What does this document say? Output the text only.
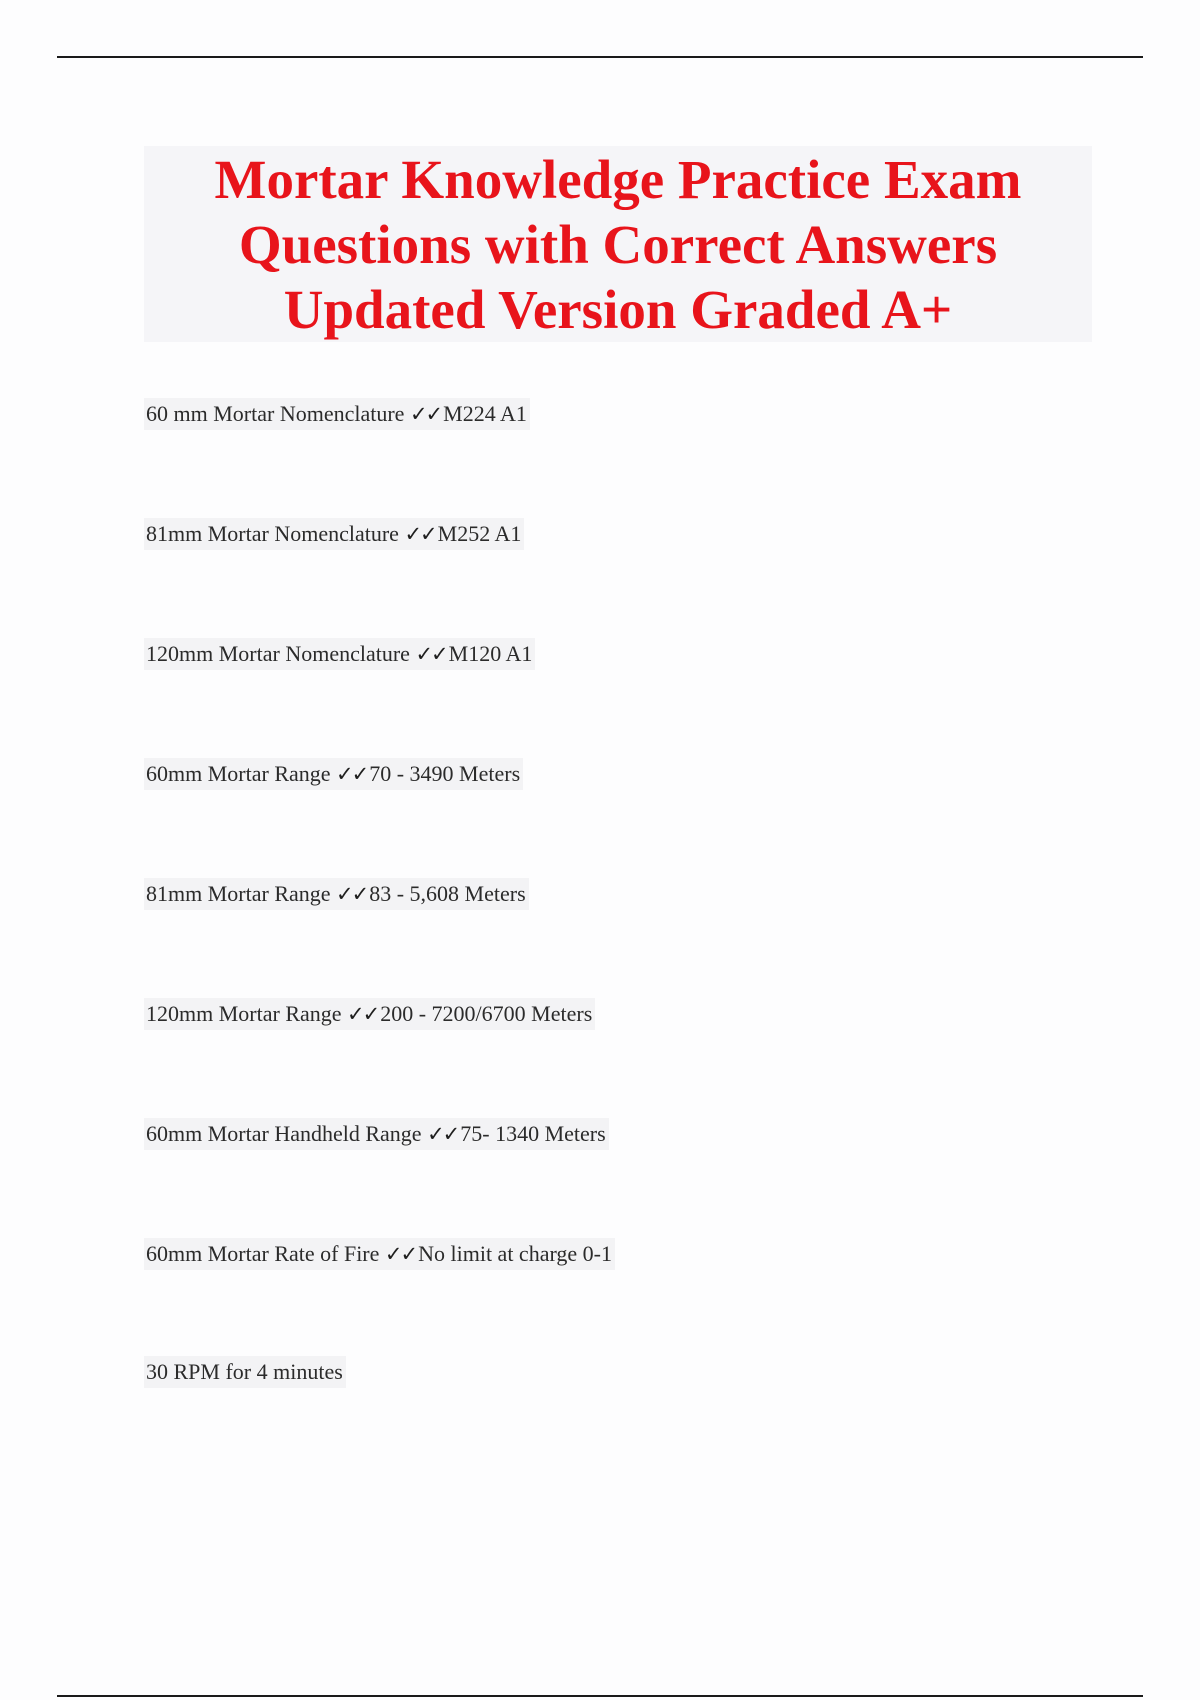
Mortar Knowledge Practice Exam
Questions with Correct Answers
Updated Version Graded A+
60 mm Mortar Nomenclature ✓✓M224 A1
81mm Mortar Nomenclature ✓✓M252 A1
120mm Mortar Nomenclature ✓✓M120 A1
60mm Mortar Range ✓✓70 - 3490 Meters
81mm Mortar Range ✓✓83 - 5,608 Meters
120mm Mortar Range ✓✓200 - 7200/6700 Meters
60mm Mortar Handheld Range ✓✓75- 1340 Meters
60mm Mortar Rate of Fire ✓✓No limit at charge 0-1
30 RPM for 4 minutes
